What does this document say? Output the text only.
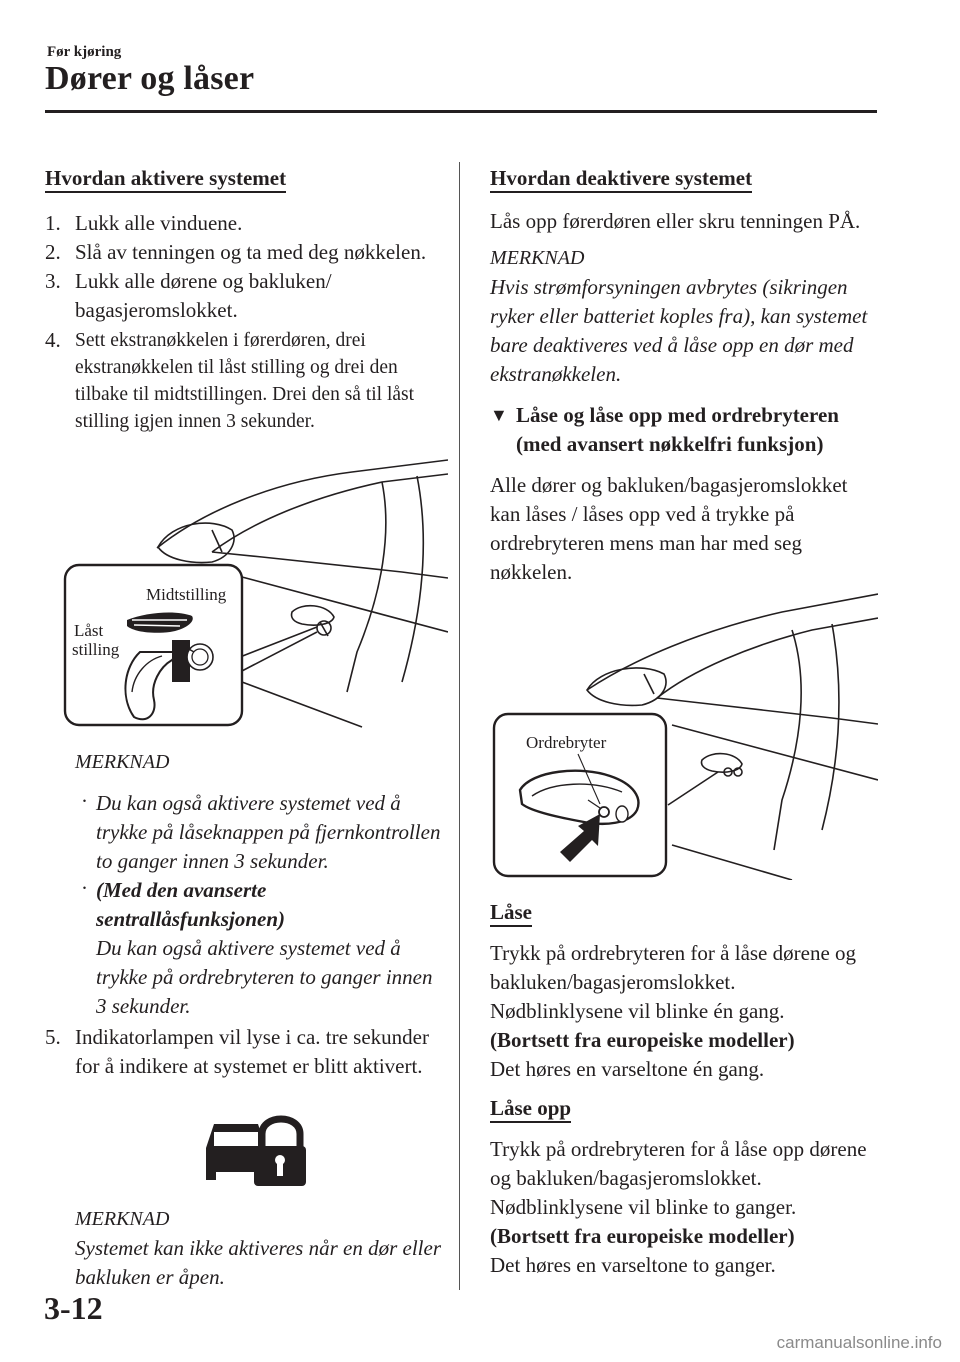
Før kjøring
Dører og låser
Hvordan aktivere systemet
1. Lukk alle vinduene.
2. Slå av tenningen og ta med deg nøkkelen.
3. Lukk alle dørene og bakluken/ bagasjeromslokket.
4. Sett ekstranøkkelen i førerdøren, drei ekstranøkkelen til låst stilling og drei den tilbake til midtstillingen. Drei den så til låst stilling igjen innen 3 sekunder.
Midtstilling
Låst
stilling
MERKNAD
· Du kan også aktivere systemet ved å trykke på låseknappen på fjernkontrollen to ganger innen 3 sekunder.
· (Med den avanserte sentrallåsfunksjonen)
Du kan også aktivere systemet ved å trykke på ordrebryteren to ganger innen 3 sekunder.
5. Indikatorlampen vil lyse i ca. tre sekunder for å indikere at systemet er blitt aktivert.
MERKNAD
Systemet kan ikke aktiveres når en dør eller bakluken er åpen.
Hvordan deaktivere systemet

Lås opp førerdøren eller skru tenningen PÅ.

MERKNAD
Hvis strømforsyningen avbrytes (sikringen ryker eller batteriet koples fra), kan systemet bare deaktiveres ved å låse opp en dør med ekstranøkkelen.
▼ Låse og låse opp med ordrebryteren
(med avansert nøkkelfri funksjon)

Alle dører og bakluken/bagasjeromslokket kan låses / låses opp ved å trykke på ordrebryteren mens man har med seg nøkkelen.

Ordrebryter
Låse

Trykk på ordrebryteren for å låse dørene og bakluken/bagasjeromslokket.

Nødblinklysene vil blinke én gang.

(Bortsett fra europeiske modeller)

Det høres en varseltone én gang.

Låse opp

Trykk på ordrebryteren for å låse opp dørene og bakluken/bagasjeromslokket.

Nødblinklysene vil blinke to ganger.

(Bortsett fra europeiske modeller)

Det høres en varseltone to ganger.

3-12
carmanualsonline.info
